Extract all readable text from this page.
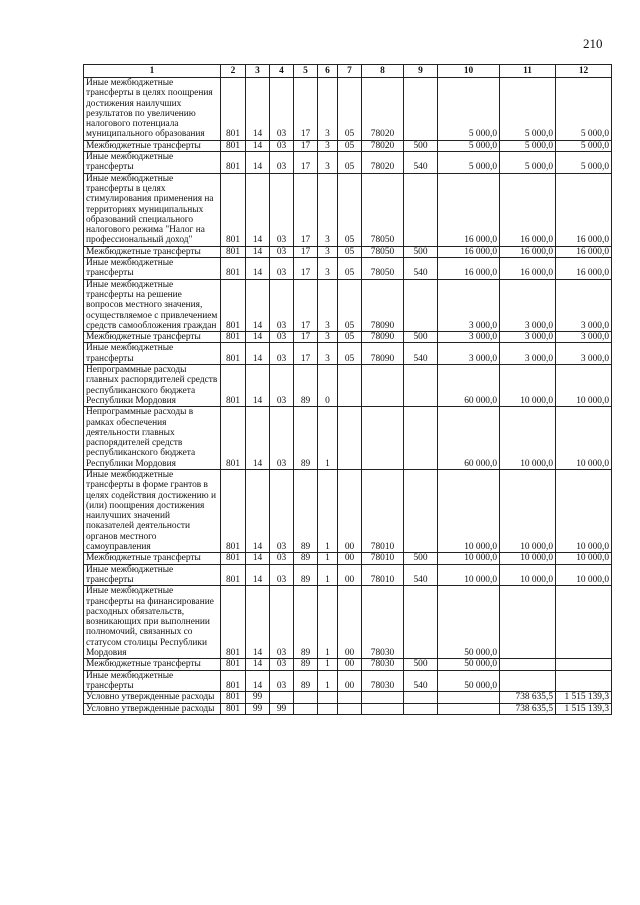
210
1	2	3	4	5	6	7	8	9	10	11	12
Иные межбюджетные трансферты в целях поощрения достижения наилучших результатов по увеличению налогового потенциала муниципального образования	801	14	03	17	3	05	78020		5 000,0	5 000,0	5 000,0
Межбюджетные трансферты	801	14	03	17	3	05	78020	500	5 000,0	5 000,0	5 000,0
Иные межбюджетные трансферты	801	14	03	17	3	05	78020	540	5 000,0	5 000,0	5 000,0
Иные межбюджетные трансферты в целях стимулирования применения на территориях муниципальных образований специального налогового режима "Налог на профессиональный доход"	801	14	03	17	3	05	78050		16 000,0	16 000,0	16 000,0
Межбюджетные трансферты	801	14	03	17	3	05	78050	500	16 000,0	16 000,0	16 000,0
Иные межбюджетные трансферты	801	14	03	17	3	05	78050	540	16 000,0	16 000,0	16 000,0
Иные межбюджетные трансферты на решение вопросов местного значения, осуществляемое с привлечением средств самообложения граждан	801	14	03	17	3	05	78090		3 000,0	3 000,0	3 000,0
Межбюджетные трансферты	801	14	03	17	3	05	78090	500	3 000,0	3 000,0	3 000,0
Иные межбюджетные трансферты	801	14	03	17	3	05	78090	540	3 000,0	3 000,0	3 000,0
Непрограммные расходы главных распорядителей средств республиканского бюджета Республики Мордовия	801	14	03	89	0				60 000,0	10 000,0	10 000,0
Непрограммные расходы в рамках обеспечения деятельности главных распорядителей средств республиканского бюджета Республики Мордовия	801	14	03	89	1				60 000,0	10 000,0	10 000,0
Иные межбюджетные трансферты в форме грантов в целях содействия достижению и (или) поощрения достижения наилучших значений показателей деятельности органов местного самоуправления	801	14	03	89	1	00	78010		10 000,0	10 000,0	10 000,0
Межбюджетные трансферты	801	14	03	89	1	00	78010	500	10 000,0	10 000,0	10 000,0
Иные межбюджетные трансферты	801	14	03	89	1	00	78010	540	10 000,0	10 000,0	10 000,0
Иные межбюджетные трансферты на финансирование расходных обязательств, возникающих при выполнении полномочий, связанных со статусом столицы Республики Мордовия	801	14	03	89	1	00	78030		50 000,0		
Межбюджетные трансферты	801	14	03	89	1	00	78030	500	50 000,0		
Иные межбюджетные трансферты	801	14	03	89	1	00	78030	540	50 000,0		
Условно утвержденные расходы	801	99								738 635,5	1 515 139,3
Условно утвержденные расходы	801	99	99							738 635,5	1 515 139,3
